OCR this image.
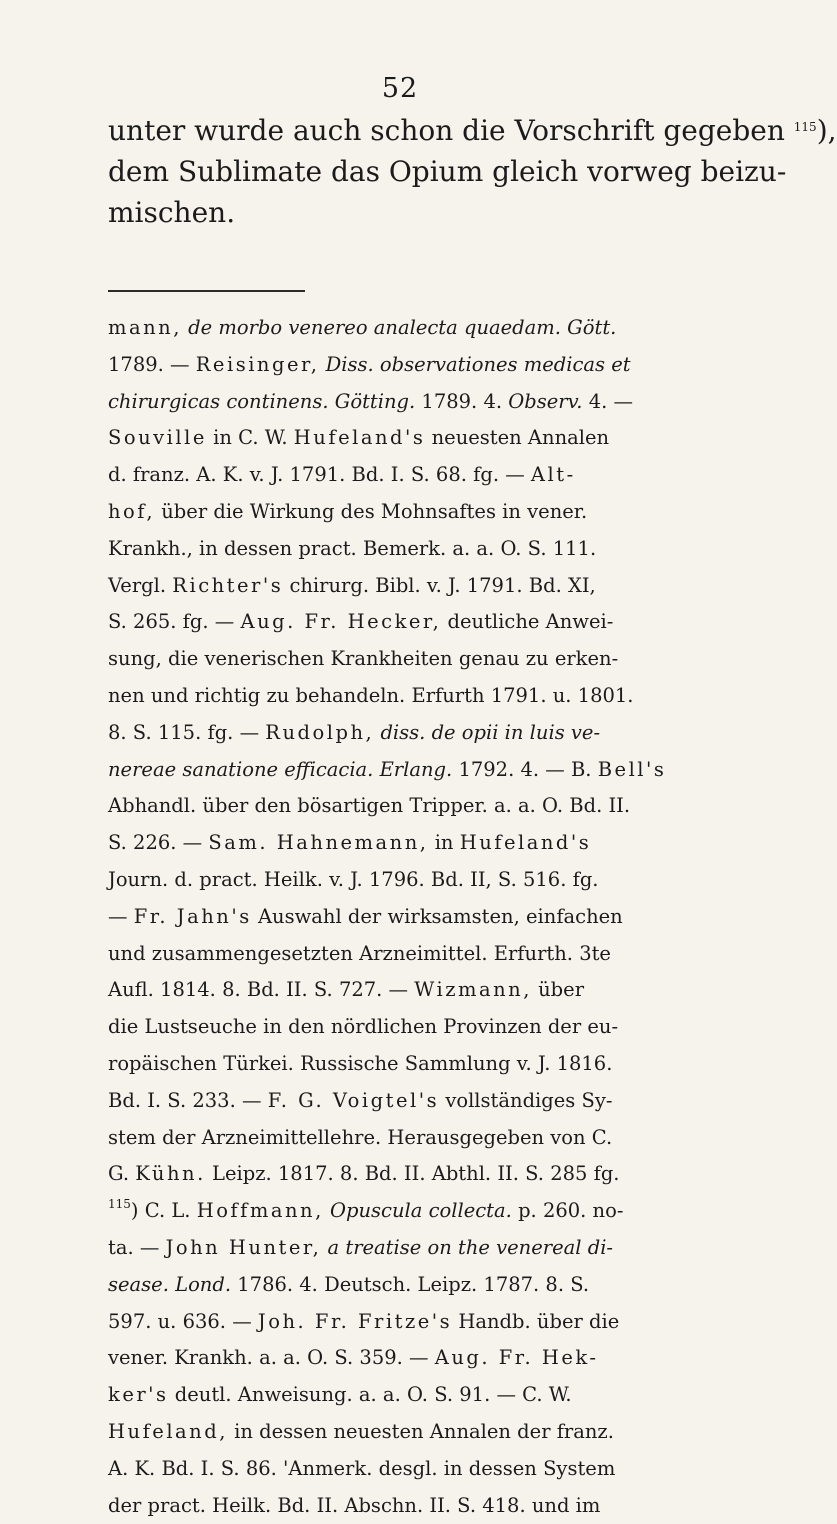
52
unter wurde auch schon die Vorschrift gegeben $^{115}$),
dem Sublimate das Opium gleich vorweg beizu-
mischen.
mann, de morbo venereo analecta quaedam. Gött.
1789. — Reisinger, Diss. observationes medicas et
chirurgicas continens. Götting. 1789. 4. Observ. 4. —
Souville in C. W. Hufeland's neuesten Annalen
d. franz. A. K. v. J. 1791. Bd. I. S. 68. fg. — Alt-
hof, über die Wirkung des Mohnsaftes in vener.
Krankh., in dessen pract. Bemerk. a. a. O. S. 111.
Vergl. Richter's chirurg. Bibl. v. J. 1791. Bd. XI,
S. 265. fg. — Aug. Fr. Hecker, deutliche Anwei-
sung, die venerischen Krankheiten genau zu erken-
nen und richtig zu behandeln. Erfurth 1791. u. 1801.
8. S. 115. fg. — Rudolph, diss. de opii in luis ve-
nereae sanatione efficacia. Erlang. 1792. 4. — B. Bell's
Abhandl. über den bösartigen Tripper. a. a. O. Bd. II.
S. 226. — Sam. Hahnemann, in Hufeland's
Journ. d. pract. Heilk. v. J. 1796. Bd. II, S. 516. fg.
— Fr. Jahn's Auswahl der wirksamsten, einfachen
und zusammengesetzten Arzneimittel. Erfurth. 3te
Aufl. 1814. 8. Bd. II. S. 727. — Wizmann, über
die Lustseuche in den nördlichen Provinzen der eu-
ropäischen Türkei. Russische Sammlung v. J. 1816.
Bd. I. S. 233. — F. G. Voigtel's vollständiges Sy-
stem der Arzneimittellehre. Herausgegeben von C.
G. Kühn. Leipz. 1817. 8. Bd. II. Abthl. II. S. 285 fg.
$^{115}$) C. L. Hoffmann, Opuscula collecta. p. 260. no-
ta. — John Hunter, a treatise on the venereal di-
sease. Lond. 1786. 4. Deutsch. Leipz. 1787. 8. S.
597. u. 636. — Joh. Fr. Fritze's Handb. über die
vener. Krankh. a. a. O. S. 359. — Aug. Fr. Hek-
ker's deutl. Anweisung. a. a. O. S. 91. — C. W.
Hufeland, in dessen neuesten Annalen der franz.
A. K. Bd. I. S. 86. 'Anmerk. desgl. in dessen System
der pract. Heilk. Bd. II. Abschn. II. S. 418. und im
